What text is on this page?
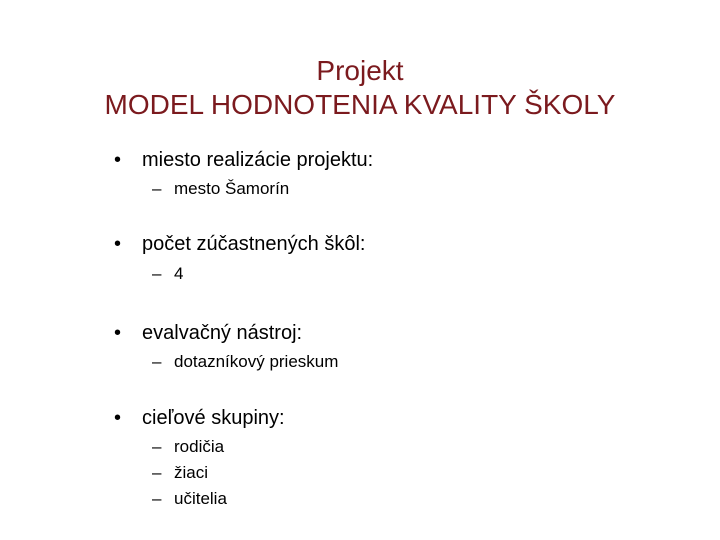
Projekt
MODEL HODNOTENIA KVALITY ŠKOLY
• miesto realizácie projektu:
– mesto Šamorín
• počet zúčastnených škôl:
– 4
• evalvačný nástroj:
– dotazníkový prieskum
• cieľové skupiny:
– rodičia
– žiaci
– učitelia
